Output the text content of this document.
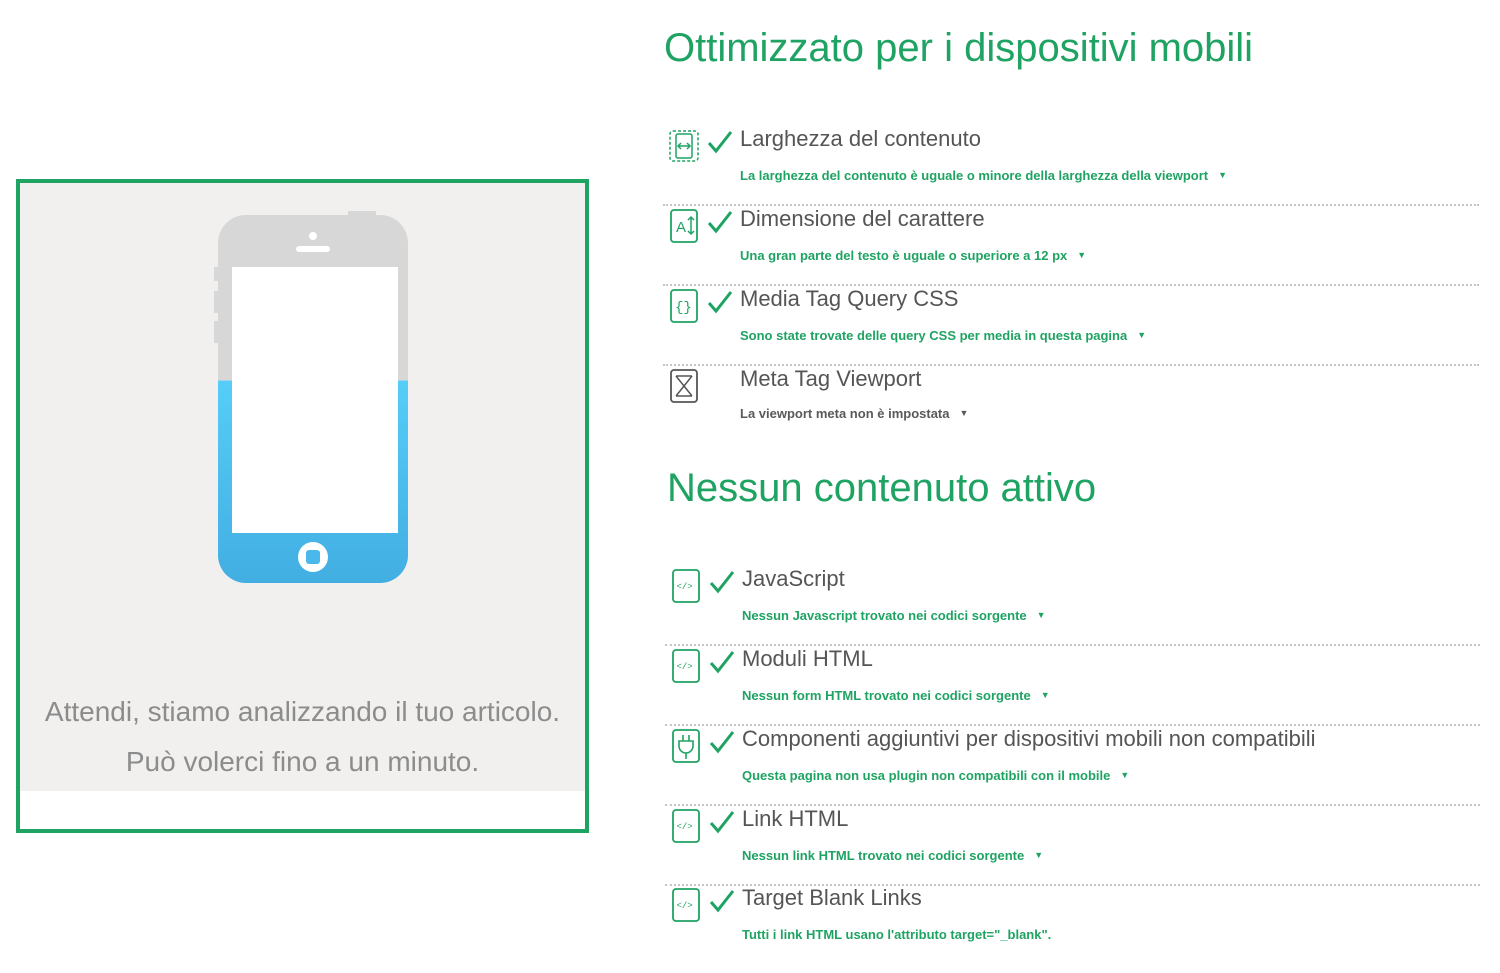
Attendi, stiamo analizzando il tuo articolo.
Può volerci fino a un minuto.
Ottimizzato per i dispositivi mobili
Larghezza del contenuto
La larghezza del contenuto è uguale o minore della larghezza della viewport ▼
A Dimensione del carattere
Una gran parte del testo è uguale o superiore a 12 px ▼
{} Media Tag Query CSS
Sono state trovate delle query CSS per media in questa pagina ▼
Meta Tag Viewport
La viewport meta non è impostata ▼
Nessun contenuto attivo
</> JavaScript
Nessun Javascript trovato nei codici sorgente ▼
</> Moduli HTML
Nessun form HTML trovato nei codici sorgente ▼
Componenti aggiuntivi per dispositivi mobili non compatibili
Questa pagina non usa plugin non compatibili con il mobile ▼
</> Link HTML
Nessun link HTML trovato nei codici sorgente ▼
</> Target Blank Links
Tutti i link HTML usano l'attributo target="_blank".
